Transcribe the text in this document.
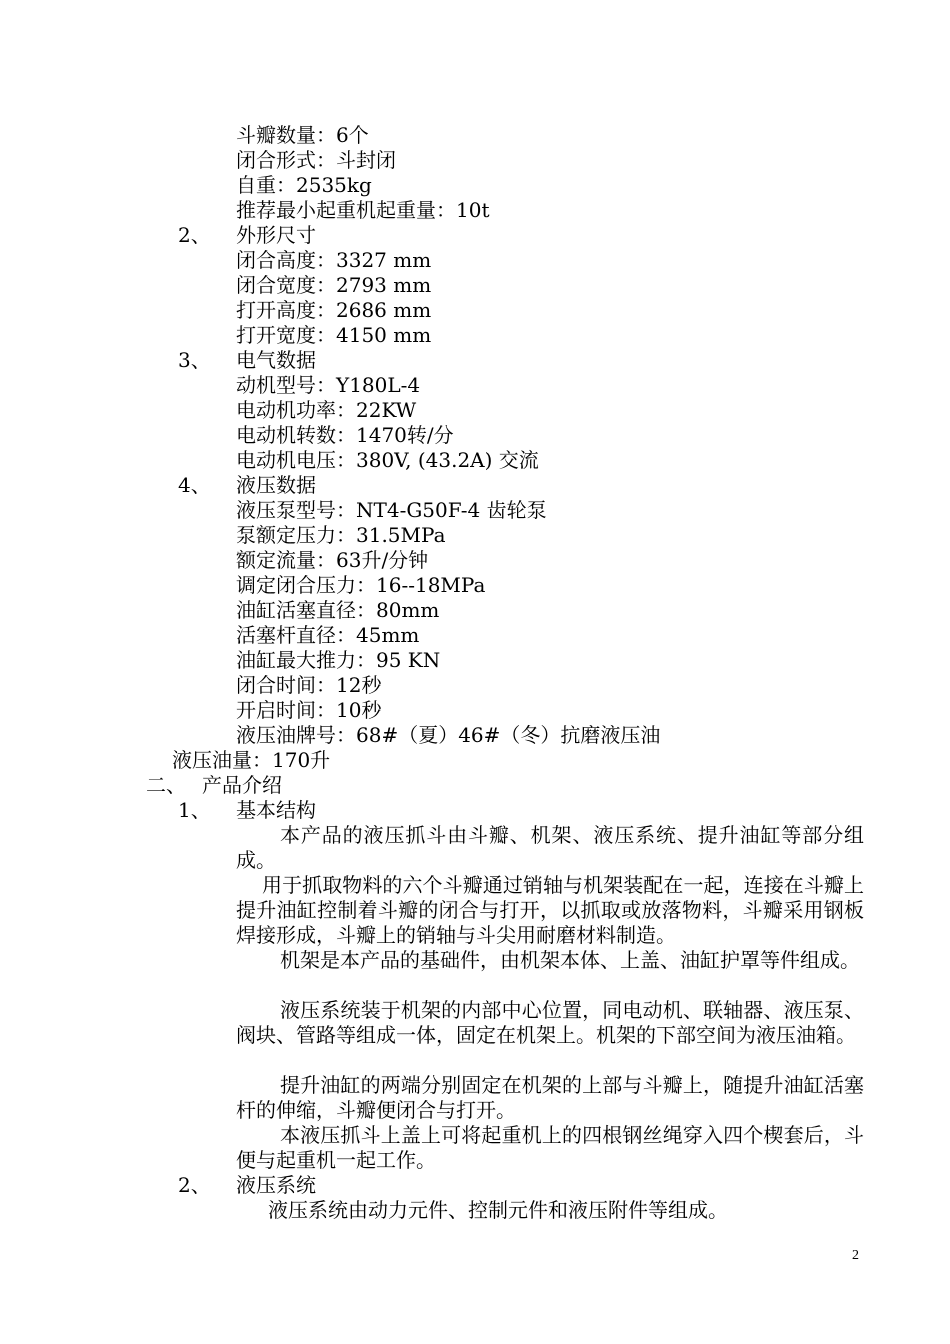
斗瓣数量：6个
闭合形式：斗封闭
自重：2535kg
推荐最小起重机起重量：10t
2、 外形尺寸
闭合高度：3327 mm
闭合宽度：2793 mm
打开高度：2686 mm
打开宽度：4150 mm
3、 电气数据
动机型号：Y180L-4
电动机功率：22KW
电动机转数：1470转/分
电动机电压：380V, (43.2A) 交流
4、 液压数据
液压泵型号：NT4-G50F-4 齿轮泵
泵额定压力：31.5MPa
额定流量：63升/分钟
调定闭合压力：16--18MPa
油缸活塞直径：80mm
活塞杆直径：45mm
油缸最大推力：95 KN
闭合时间：12秒
开启时间：10秒
液压油牌号：68#（夏）46#（冬）抗磨液压油
液压油量：170升
二、 产品介绍
1、 基本结构
本产品的液压抓斗由斗瓣、机架、液压系统、提升油缸等部分组成。
用于抓取物料的六个斗瓣通过销轴与机架装配在一起，连接在斗瓣上提升油缸控制着斗瓣的闭合与打开，以抓取或放落物料，斗瓣采用钢板焊接形成，斗瓣上的销轴与斗尖用耐磨材料制造。
机架是本产品的基础件，由机架本体、上盖、油缸护罩等件组成。
液压系统装于机架的内部中心位置，同电动机、联轴器、液压泵、阀块、管路等组成一体，固定在机架上。机架的下部空间为液压油箱。
提升油缸的两端分别固定在机架的上部与斗瓣上，随提升油缸活塞杆的伸缩，斗瓣便闭合与打开。
本液压抓斗上盖上可将起重机上的四根钢丝绳穿入四个楔套后，斗便与起重机一起工作。
2、 液压系统
液压系统由动力元件、控制元件和液压附件等组成。
2
